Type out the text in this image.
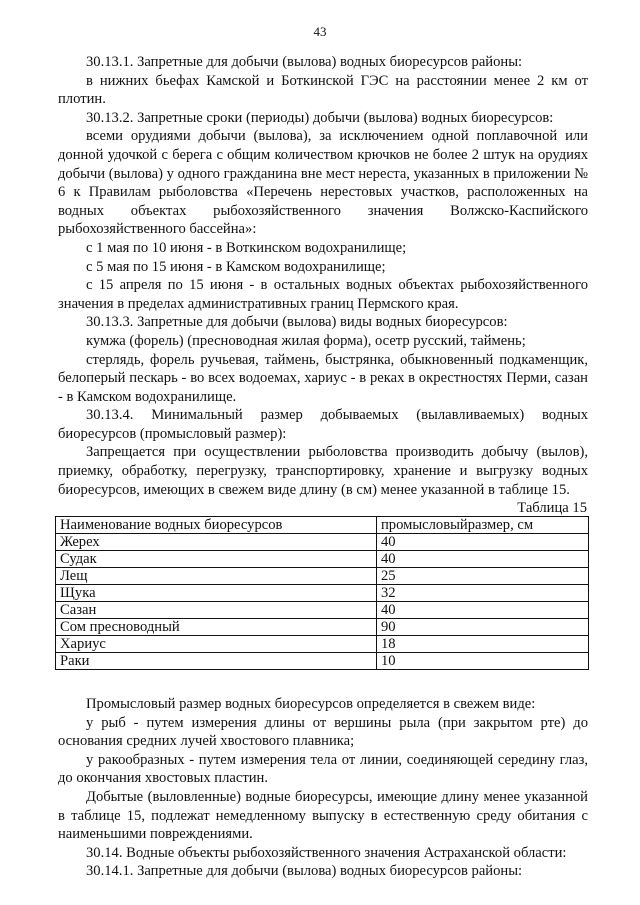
43

30.13.1. Запретные для добычи (вылова) водных биоресурсов районы:

в нижних бьефах Камской и Боткинской ГЭС на расстоянии менее 2 км от плотин.

30.13.2. Запретные сроки (периоды) добычи (вылова) водных биоресурсов:

всеми орудиями добычи (вылова), за исключением одной поплавочной или донной удочкой с берега с общим количеством крючков не более 2 штук на орудиях добычи (вылова) у одного гражданина вне мест нереста, указанных в приложении № 6 к Правилам рыболовства «Перечень нерестовых участков, расположенных на водных объектах рыбохозяйственного значения Волжско-Каспийского рыбохозяйственного бассейна»:

с 1 мая по 10 июня - в Воткинском водохранилище;

с 5 мая по 15 июня - в Камском водохранилище;

с 15 апреля по 15 июня - в остальных водных объектах рыбохозяйственного значения в пределах административных границ Пермского края.

30.13.3. Запретные для добычи (вылова) виды водных биоресурсов:

кумжа (форель) (пресноводная жилая форма), осетр русский, таймень;

стерлядь, форель ручьевая, таймень, быстрянка, обыкновенный подкаменщик, белоперый пескарь - во всех водоемах, хариус - в реках в окрестностях Перми, сазан - в Камском водохранилище.

30.13.4. Минимальный размер добываемых (вылавливаемых) водных биоресурсов (промысловый размер):

Запрещается при осуществлении рыболовства производить добычу (вылов), приемку, обработку, перегрузку, транспортировку, хранение и выгрузку водных биоресурсов, имеющих в свежем виде длину (в см) менее указанной в таблице 15.

Таблица 15
Наименование водных биоресурсов	промысловыйразмер, см
Жерех	40
Судак	40
Лещ	25
Щука	32
Сазан	40
Сом пресноводный	90
Хариус	18
Раки	10

Промысловый размер водных биоресурсов определяется в свежем виде:

у рыб - путем измерения длины от вершины рыла (при закрытом рте) до основания средних лучей хвостового плавника;

у ракообразных - путем измерения тела от линии, соединяющей середину глаз, до окончания хвостовых пластин.

Добытые (выловленные) водные биоресурсы, имеющие длину менее указанной в таблице 15, подлежат немедленному выпуску в естественную среду обитания с наименьшими повреждениями.

30.14. Водные объекты рыбохозяйственного значения Астраханской области:

30.14.1. Запретные для добычи (вылова) водных биоресурсов районы:
